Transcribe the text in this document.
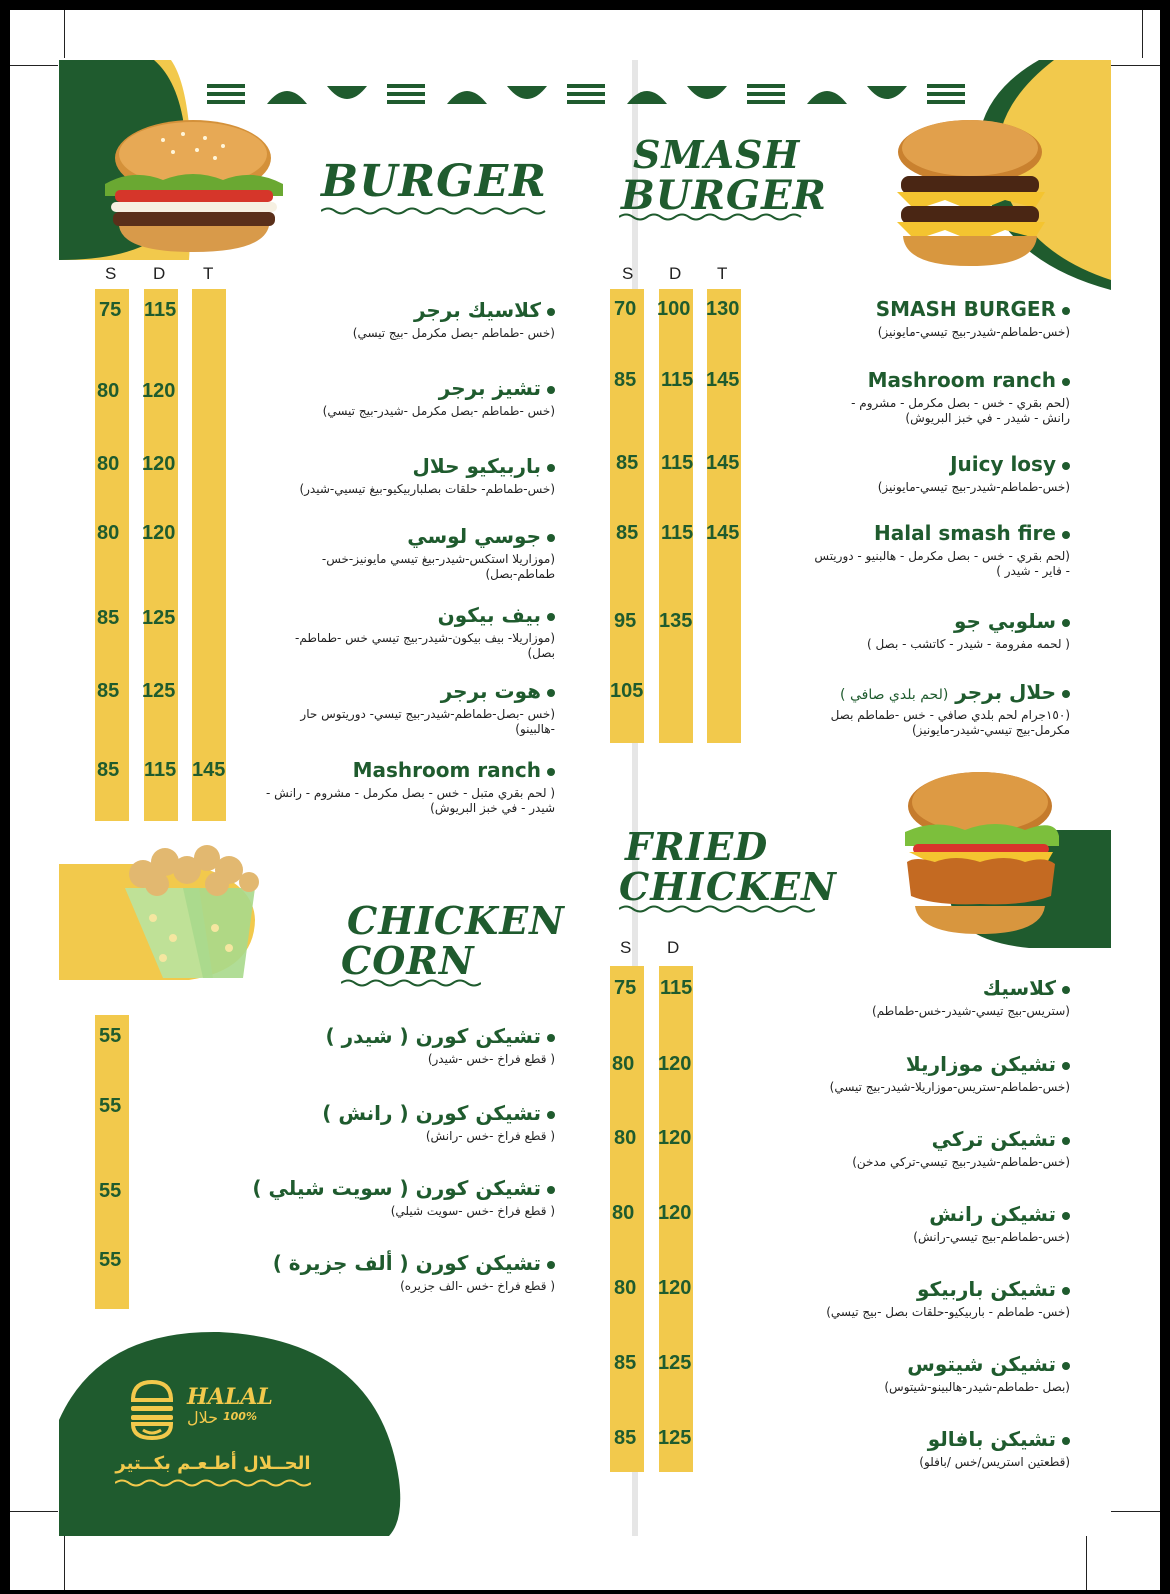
BURGER
SMASH
BURGER
CHICKEN
CORN
FRIED
CHICKEN
S D T
75 115	كلاسيك برجر
(خس -طماطم -بصل مكرمل -بيج تيسي)
80 120	تشيز برجر
(خس -طماطم -بصل مكرمل -شيدر-بيج تيسي)
80 120	باربيكيو حلال
(خس-طماطم- حلقات بصلباربيكيو-بيغ تيسيي-شيدر)
80 120	جوسي لوسي
(موزاريلا استكس-شيدر-بيغ تيسي مايونيز-خس-طماطم-بصل)
85 125	بيف بيكون
(موزاريلا- بيف بيكون-شيدر-بيج تيسي خس -طماطم-بصل)
85 125	هوت برجر
(خس -بصل-طماطم-شيدر-بيج تيسي- دوريتوس حار -هالبينو)
85 115 145	Mashroom ranch
( لحم بقري متبل - خس - بصل مكرمل - مشروم - رانش - شيدر - في خبز البريوش)
S D T
70 100 130	SMASH BURGER
(خس-طماطم-شيدر-بيج تيسي-مايونيز)
85 115 145	Mashroom ranch
(لحم بقري - خس - بصل مكرمل - مشروم - رانش - شيدر - في خبز البريوش)
85 115 145	Juicy losy
(خس-طماطم-شيدر-بيج تيسي-مايونيز)
85 115 145	Halal smash fire
(لحم بقري - خس - بصل مكرمل - هالبنيو - دوريتس - فاير - شيدر )
95 135	سلوبي جو
( لحمه مفرومة - شيدر - كاتشب - بصل )
105	حلال برجر (لحم بلدي صافي )
(١٥٠جرام لحم بلدي صافي - خس -طماطم بصل مكرمل-بيج تيسي-شيدر-مايونيز)
55	تشيكن كورن ( شيدر )
( قطع فراخ -خس -شيدر)
55	تشيكن كورن ( رانش )
( قطع فراخ -خس -رانش)
55	تشيكن كورن ( سويت شيلي )
( قطع فراخ -خس -سويت شيلي)
55	تشيكن كورن ( ألف جزيرة )
( قطع فراخ -خس -الف جزيره)
S D
75 115	كلاسيك
(ستريس-بيج تيسي-شيدر-خس-طماطم)
80 120	تشيكن موزاريلا
(خس-طماطم-ستريس-موزاريلا-شيدر-بيج تيسي)
80 120	تشيكن تركي
(خس-طماطم-شيدر-بيج تيسي-تركي مدخن)
80 120	تشيكن رانش
(خس-طماطم-بيج تيسي-رانش)
80 120	تشيكن باربيكو
(خس- طماطم - باربيكيو-حلقات بصل -بيج تيسي)
85 125	تشيكن شيتوس
(بصل -طماطم-شيدر-هالبينو-شيتوس)
85 125	تشيكن بافالو
(قطعتين استريس/خس /بافلو)
HALAL
حلال 100%
الحــلال أطـعـم بكــتير
